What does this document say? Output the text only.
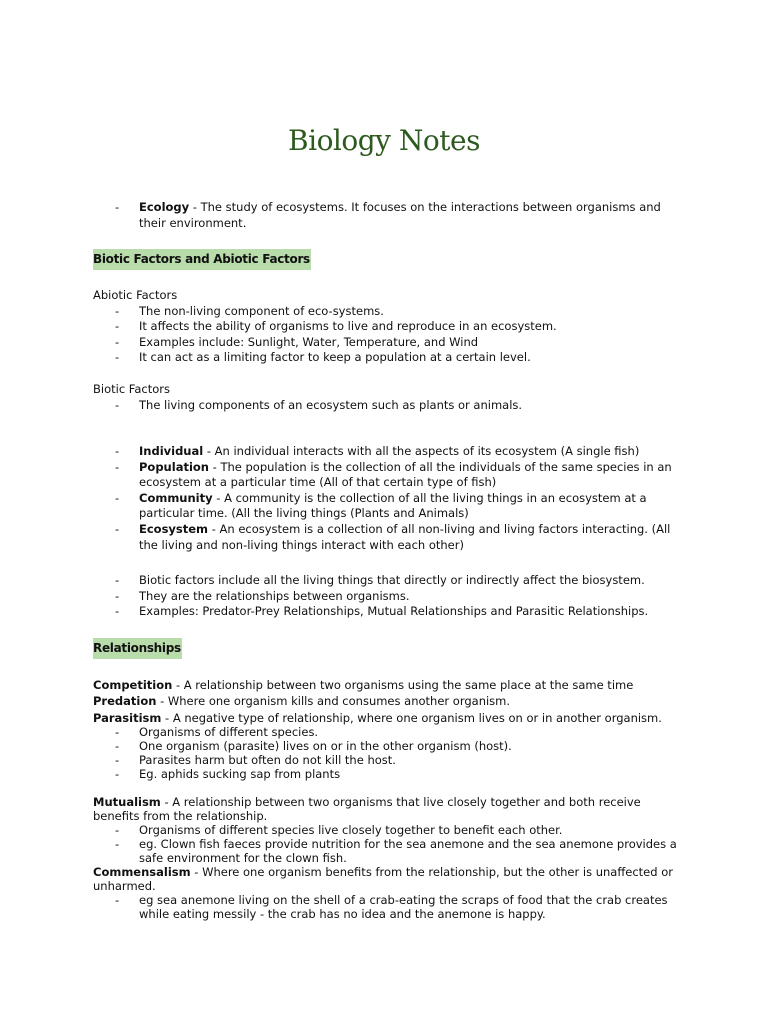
Biology Notes
- Ecology - The study of ecosystems. It focuses on the interactions between organisms and their environment.
Biotic Factors and Abiotic Factors

Abiotic Factors

- The non-living component of eco-systems.
- It affects the ability of organisms to live and reproduce in an ecosystem.
- Examples include: Sunlight, Water, Temperature, and Wind
- It can act as a limiting factor to keep a population at a certain level.

Biotic Factors

- The living components of an ecosystem such as plants or animals.
- Individual - An individual interacts with all the aspects of its ecosystem (A single fish)
- Population - The population is the collection of all the individuals of the same species in an ecosystem at a particular time (All of that certain type of fish)
- Community - A community is the collection of all the living things in an ecosystem at a particular time. (All the living things (Plants and Animals)
- Ecosystem - An ecosystem is a collection of all non-living and living factors interacting. (All the living and non-living things interact with each other)
- Biotic factors include all the living things that directly or indirectly affect the biosystem.
- They are the relationships between organisms.
- Examples: Predator-Prey Relationships, Mutual Relationships and Parasitic Relationships.
Relationships

Competition - A relationship between two organisms using the same place at the same time

Predation - Where one organism kills and consumes another organism.

Parasitism - A negative type of relationship, where one organism lives on or in another organism.

- Organisms of different species.
- One organism (parasite) lives on or in the other organism (host).
- Parasites harm but often do not kill the host.
- Eg. aphids sucking sap from plants

Mutualism - A relationship between two organisms that live closely together and both receive benefits from the relationship.

- Organisms of different species live closely together to benefit each other.
- eg. Clown fish faeces provide nutrition for the sea anemone and the sea anemone provides a safe environment for the clown fish.

Commensalism - Where one organism benefits from the relationship, but the other is unaffected or unharmed.

- eg sea anemone living on the shell of a crab-eating the scraps of food that the crab creates while eating messily - the crab has no idea and the anemone is happy.
